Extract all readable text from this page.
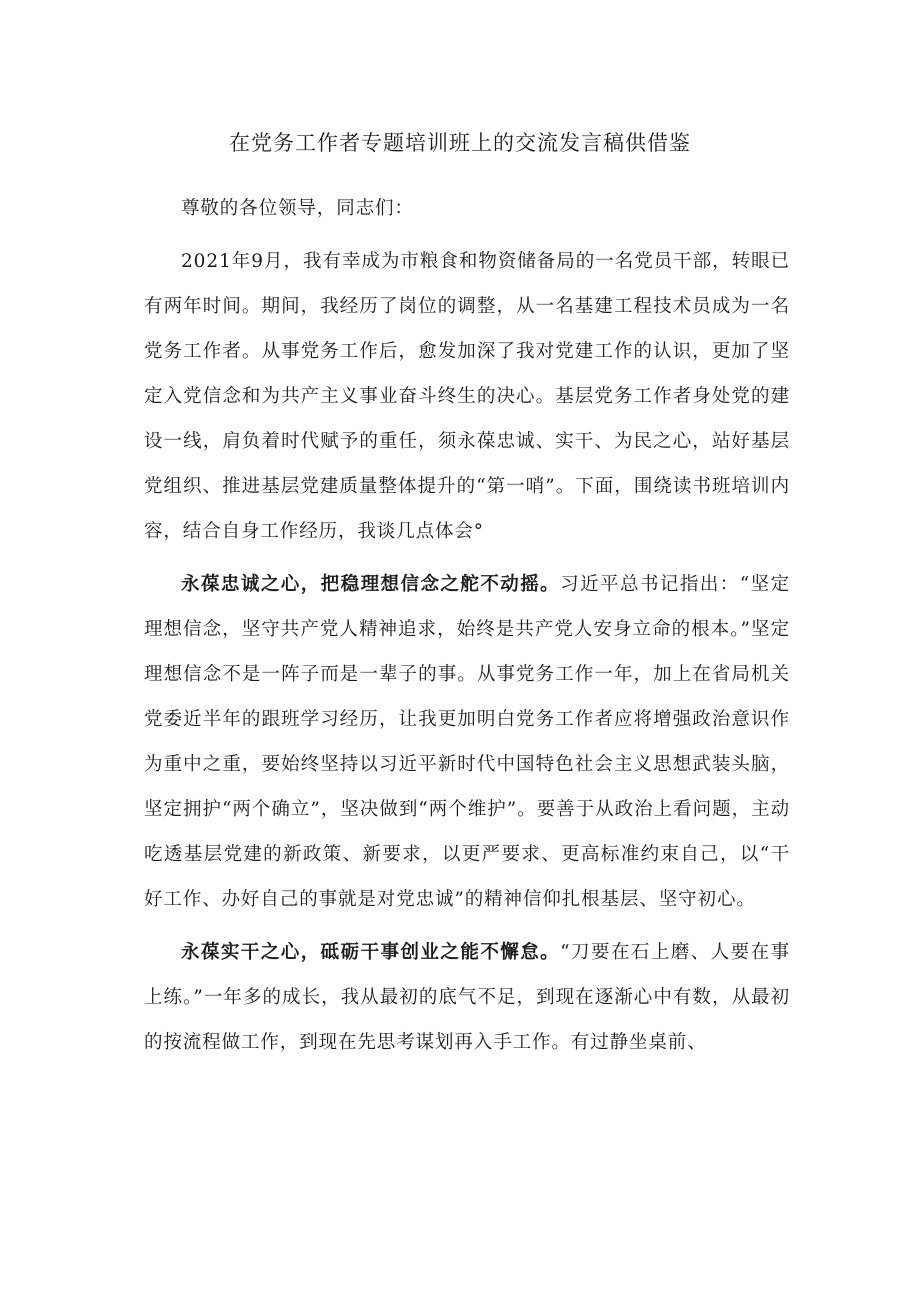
在党务工作者专题培训班上的交流发言稿供借鉴

尊敬的各位领导，同志们：

2021年9月，我有幸成为市粮食和物资储备局的一名党员干部，转眼已有两年时间。期间，我经历了岗位的调整，从一名基建工程技术员成为一名党务工作者。从事党务工作后，愈发加深了我对党建工作的认识，更加了坚定入党信念和为共产主义事业奋斗终生的决心。基层党务工作者身处党的建设一线，肩负着时代赋予的重任，须永葆忠诚、实干、为民之心，站好基层党组织、推进基层党建质量整体提升的“第一哨”。下面，围绕读书班培训内容，结合自身工作经历，我谈几点体会°

永葆忠诚之心，把稳理想信念之舵不动摇。习近平总书记指出：“坚定理想信念，坚守共产党人精神追求，始终是共产党人安身立命的根本。”坚定理想信念不是一阵子而是一辈子的事。从事党务工作一年，加上在省局机关党委近半年的跟班学习经历，让我更加明白党务工作者应将增强政治意识作为重中之重，要始终坚持以习近平新时代中国特色社会主义思想武装头脑，坚定拥护“两个确立”，坚决做到“两个维护”。要善于从政治上看问题，主动吃透基层党建的新政策、新要求，以更严要求、更高标准约束自己，以“干好工作、办好自己的事就是对党忠诚”的精神信仰扎根基层、坚守初心。

永葆实干之心，砥砺干事创业之能不懈怠。“刀要在石上磨、人要在事上练。”一年多的成长，我从最初的底气不足，到现在逐渐心中有数，从最初的按流程做工作，到现在先思考谋划再入手工作。有过静坐桌前、
